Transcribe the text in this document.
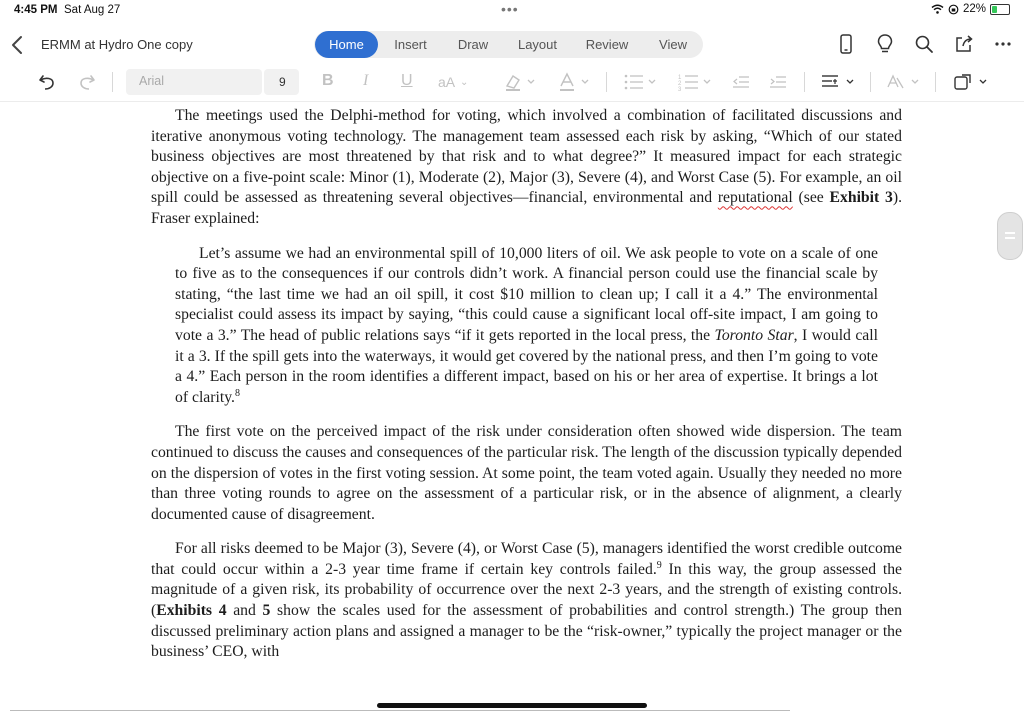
4:45 PM Sat Aug 27	•••	22%
ERMM at Hydro One copy	Home	Insert	Draw	Layout	Review	View
Arial	9 B I U aA ⌄	1
2
3

The meetings used the Delphi-method for voting, which involved a combination of facilitated discussions and iterative anonymous voting technology. The management team assessed each risk by asking, “Which of our stated business objectives are most threatened by that risk and to what degree?” It measured impact for each strategic objective on a five-point scale: Minor (1), Moderate (2), Major (3), Severe (4), and Worst Case (5). For example, an oil spill could be assessed as threatening several objectives—financial, environmental and reputational (see Exhibit 3). Fraser explained:

Let’s assume we had an environmental spill of 10,000 liters of oil. We ask people to vote on a scale of one to five as to the consequences if our controls didn’t work. A financial person could use the financial scale by stating, “the last time we had an oil spill, it cost $10 million to clean up; I call it a 4.” The environmental specialist could assess its impact by saying, “this could cause a significant local off-site impact, I am going to vote a 3.” The head of public relations says “if it gets reported in the local press, the Toronto Star, I would call it a 3. If the spill gets into the waterways, it would get covered by the national press, and then I’m going to vote a 4.” Each person in the room identifies a different impact, based on his or her area of expertise. It brings a lot of clarity.$^8$

The first vote on the perceived impact of the risk under consideration often showed wide dispersion. The team continued to discuss the causes and consequences of the particular risk. The length of the discussion typically depended on the dispersion of votes in the first voting session. At some point, the team voted again. Usually they needed no more than three voting rounds to agree on the assessment of a particular risk, or in the absence of alignment, a clearly documented cause of disagreement.

For all risks deemed to be Major (3), Severe (4), or Worst Case (5), managers identified the worst credible outcome that could occur within a 2-3 year time frame if certain key controls failed.$^9$ In this way, the group assessed the magnitude of a given risk, its probability of occurrence over the next 2-3 years, and the strength of existing controls. (Exhibits 4 and 5 show the scales used for the assessment of probabilities and control strength.) The group then discussed preliminary action plans and assigned a manager to be the “risk-owner,” typically the project manager or the business’ CEO, with
